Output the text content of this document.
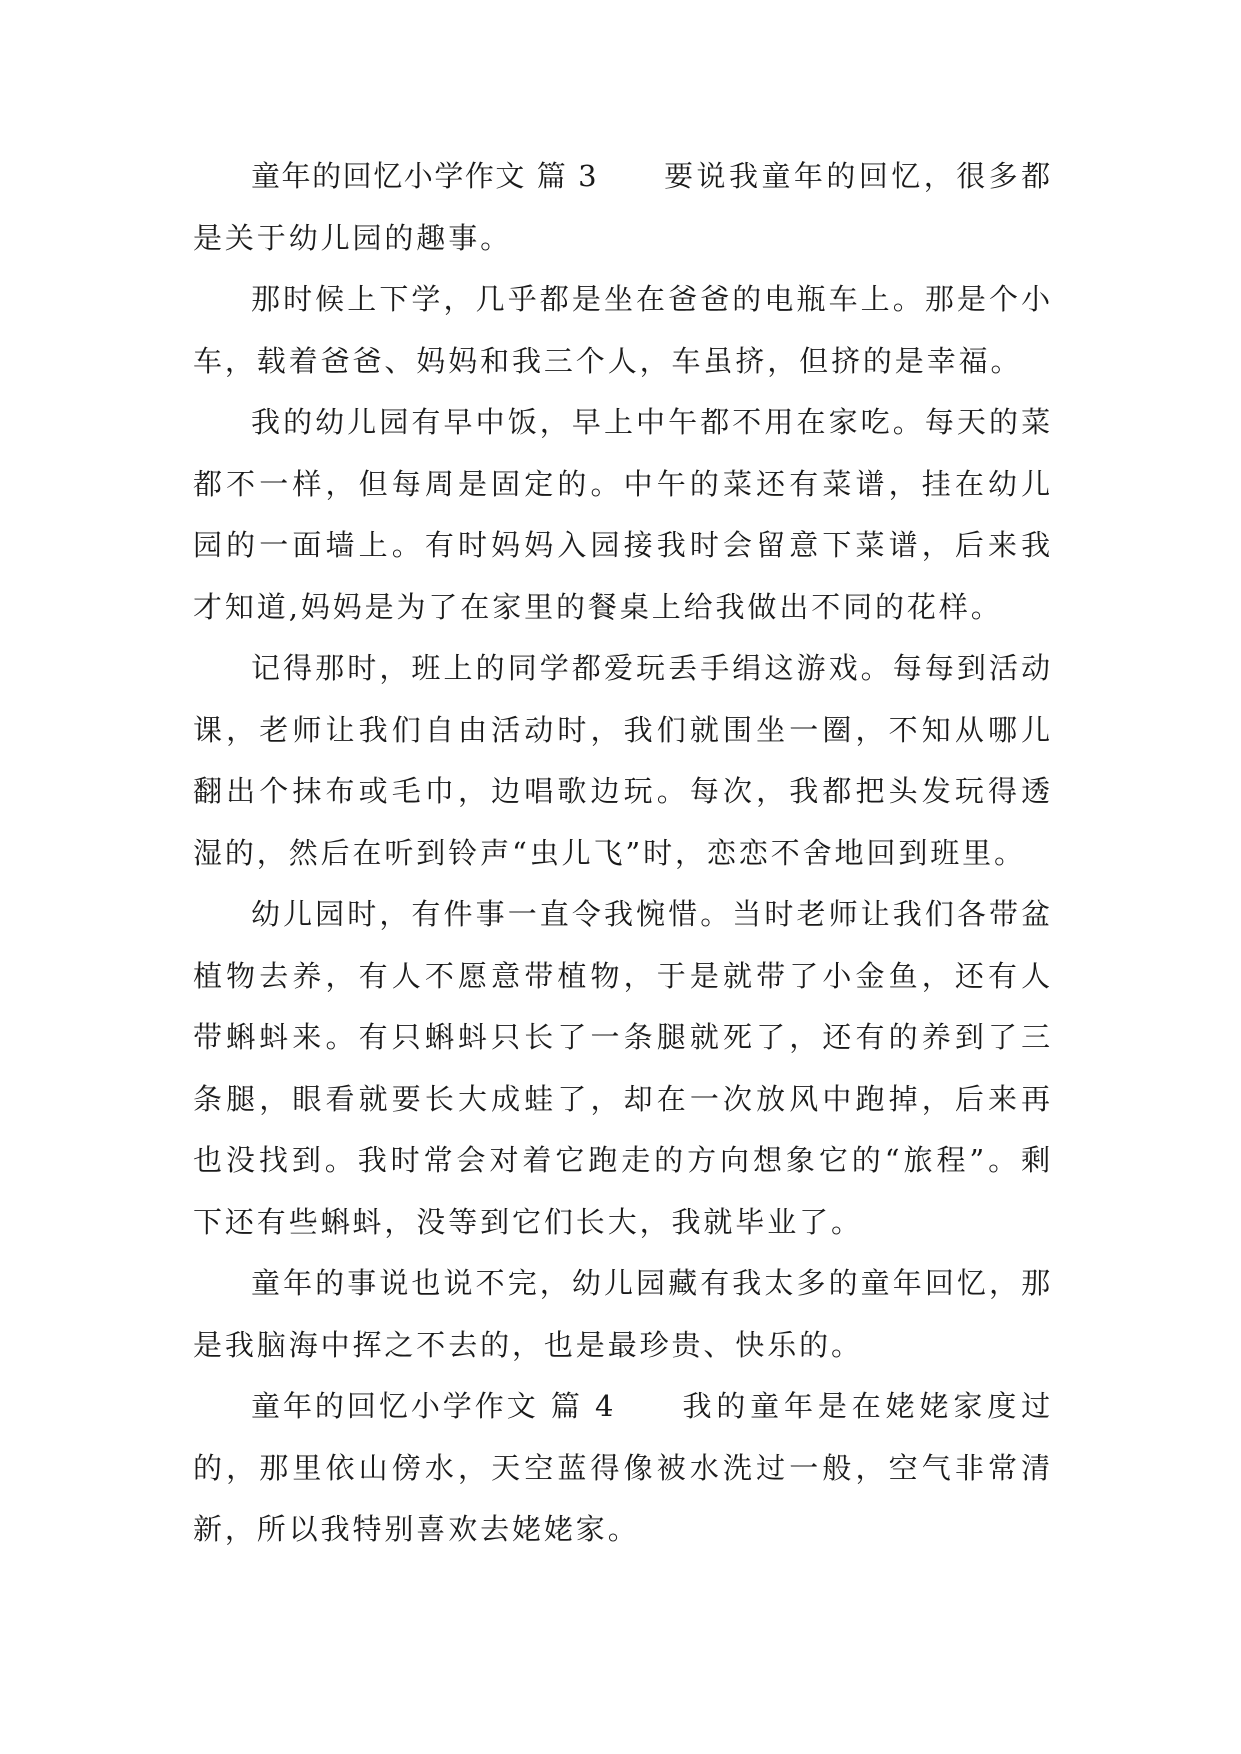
童年的回忆小学作文 篇 3 要说我童年的回忆，很多都是关于幼儿园的趣事。

那时候上下学，几乎都是坐在爸爸的电瓶车上。那是个小车，载着爸爸、妈妈和我三个人，车虽挤，但挤的是幸福。

我的幼儿园有早中饭，早上中午都不用在家吃。每天的菜都不一样，但每周是固定的。中午的菜还有菜谱，挂在幼儿园的一面墙上。有时妈妈入园接我时会留意下菜谱，后来我才知道,妈妈是为了在家里的餐桌上给我做出不同的花样。

记得那时，班上的同学都爱玩丢手绢这游戏。每每到活动课，老师让我们自由活动时，我们就围坐一圈，不知从哪儿翻出个抹布或毛巾，边唱歌边玩。每次，我都把头发玩得透湿的，然后在听到铃声“虫儿飞”时，恋恋不舍地回到班里。

幼儿园时，有件事一直令我惋惜。当时老师让我们各带盆植物去养，有人不愿意带植物，于是就带了小金鱼，还有人带蝌蚪来。有只蝌蚪只长了一条腿就死了，还有的养到了三条腿，眼看就要长大成蛙了，却在一次放风中跑掉，后来再也没找到。我时常会对着它跑走的方向想象它的“旅程”。剩下还有些蝌蚪，没等到它们长大，我就毕业了。

童年的事说也说不完，幼儿园藏有我太多的童年回忆，那是我脑海中挥之不去的，也是最珍贵、快乐的。

童年的回忆小学作文 篇 4 我的童年是在姥姥家度过的，那里依山傍水，天空蓝得像被水洗过一般，空气非常清新，所以我特别喜欢去姥姥家。
